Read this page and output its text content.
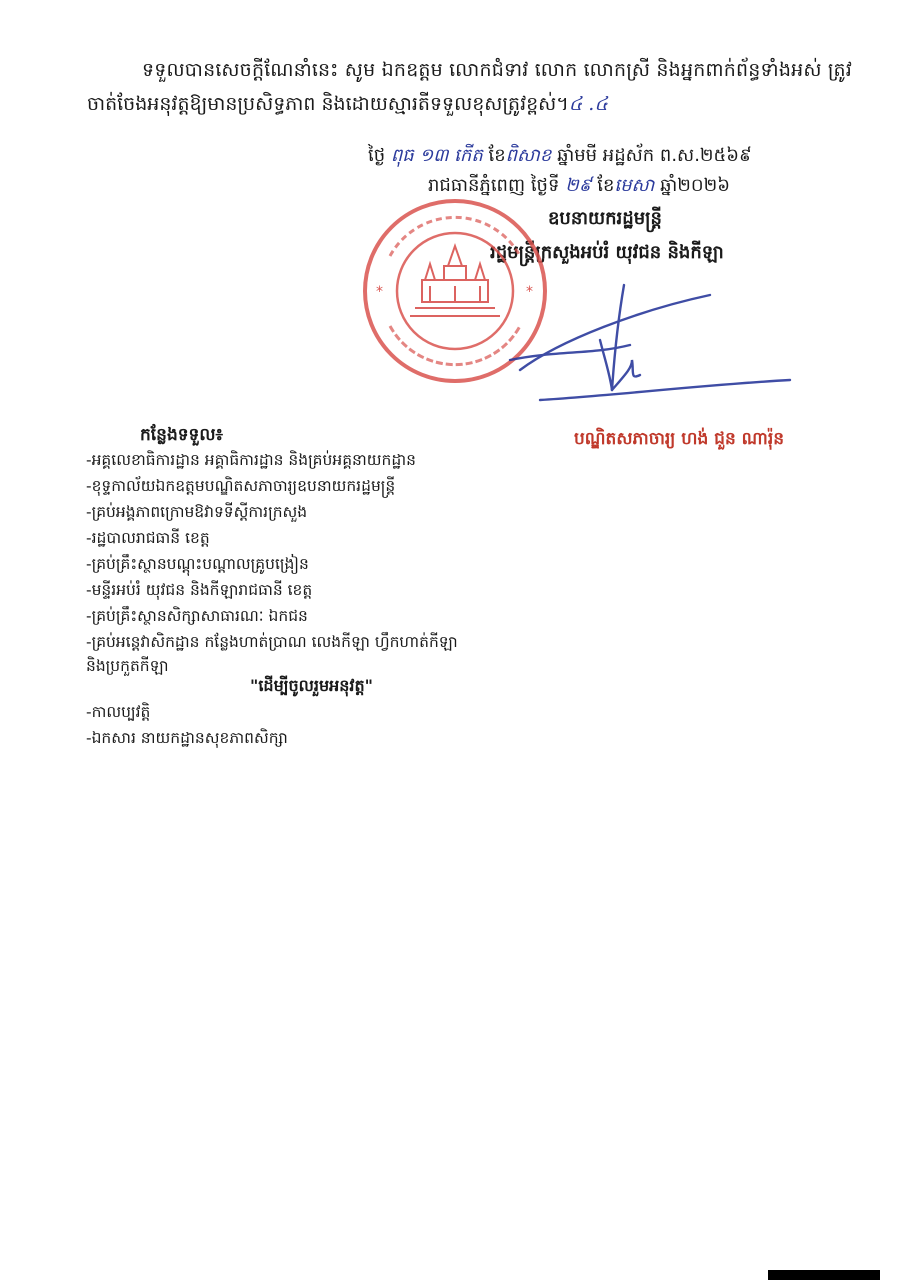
ទទួលបានសេចក្តីណែនាំនេះ សូម ឯកឧត្តម លោកជំទាវ លោក លោកស្រី និងអ្នកពាក់ព័ន្ធទាំងអស់ ត្រូវ
ចាត់ចែងអនុវត្តឱ្យមានប្រសិទ្ធភាព និងដោយស្មារតីទទួលខុសត្រូវខ្ពស់។៤ .៤
ថ្ងៃ ពុធ ១៣ កើត ខែពិសាខ ឆ្នាំមមី អដ្ឋស័ក ព.ស.២៥៦៩
រាជធានីភ្នំពេញ ថ្ងៃទី ២៩ ខែមេសា ឆ្នាំ២០២៦
ឧបនាយករដ្ឋមន្ត្រី
រដ្ឋមន្ត្រីក្រសួងអប់រំ យុវជន និងកីឡា
*	*
បណ្ឌិតសភាចារ្យ ហង់ ជួន ណារ៉ុន
កន្លែងទទួល៖
-អគ្គលេខាធិការដ្ឋាន អគ្គាធិការដ្ឋាន និងគ្រប់អគ្គនាយកដ្ឋាន
-ខុទ្ទកាល័យឯកឧត្តមបណ្ឌិតសភាចារ្យឧបនាយករដ្ឋមន្ត្រី
-គ្រប់អង្គភាពក្រោមឱវាទទីស្តីការក្រសួង
-រដ្ឋបាលរាជធានី ខេត្ត
-គ្រប់គ្រឹះស្ថានបណ្តុះបណ្តាលគ្រូបង្រៀន
-មន្ទីរអប់រំ យុវជន និងកីឡារាជធានី ខេត្ត
-គ្រប់គ្រឹះស្ថានសិក្សាសាធារណៈ ឯកជន
-គ្រប់អន្តេវាសិកដ្ឋាន កន្លែងហាត់ប្រាណ លេងកីឡា ហ្វឹកហាត់កីឡា
និងប្រកួតកីឡា
"ដើម្បីចូលរួមអនុវត្ត"
-កាលប្បវត្តិ
-ឯកសារ នាយកដ្ឋានសុខភាពសិក្សា
